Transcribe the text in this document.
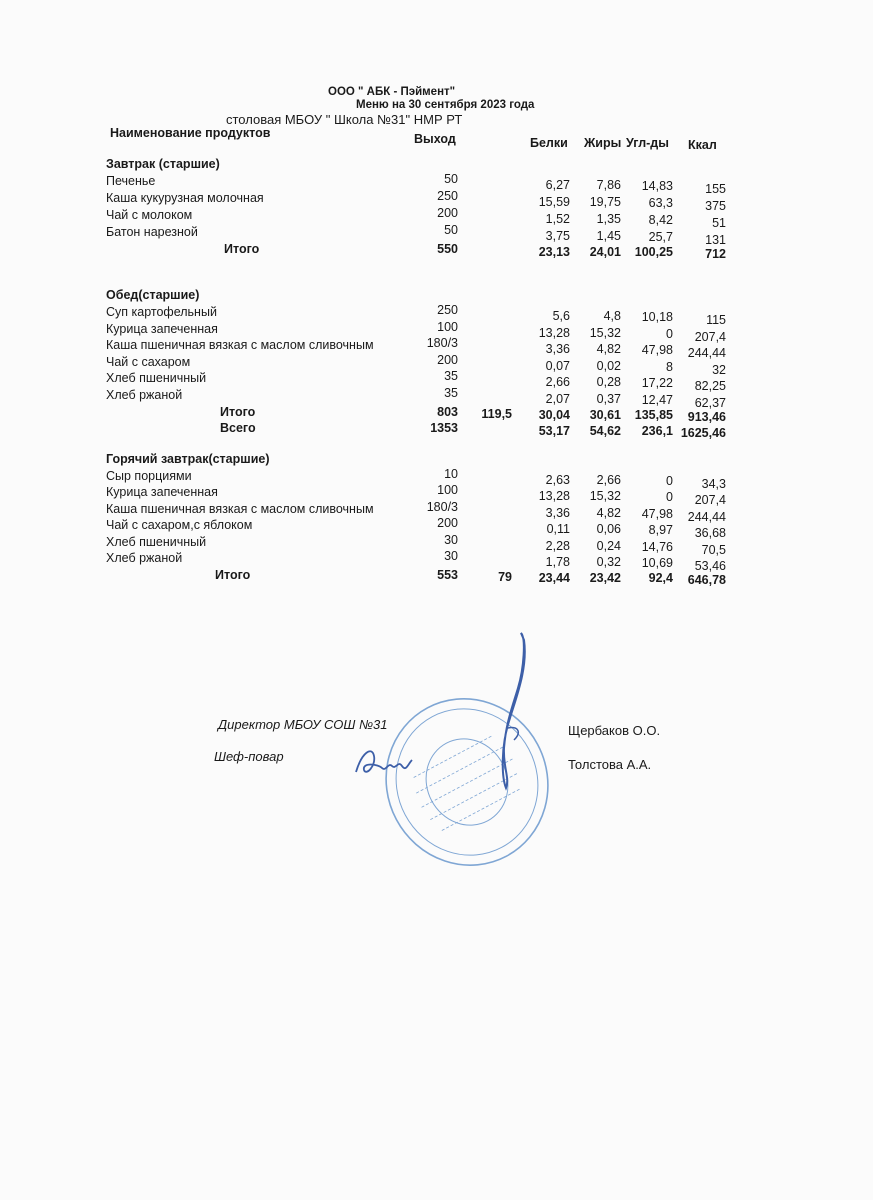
ООО " АБК - Пэймент"
Меню на 30 сентября 2023 года
столовая МБОУ " Школа №31" НМР РТ
Наименование продуктов	Выход	Белки Жиры Угл-ды Ккал
Завтрак (старшие)
Печенье	50	6,27	7,86	14,83	155
Каша кукурузная молочная	250	15,59	19,75	63,3	375
Чай с молоком	200	1,52	1,35	8,42	51
Батон нарезной	50	3,75	1,45	25,7	131
Итого	550	23,13	24,01	100,25	712
Обед(старшие)
Суп картофельный	250	5,6	4,8	10,18	115
Курица запеченная	100	13,28	15,32	0	207,4
Каша пшеничная вязкая с маслом сливочным	180/3	3,36	4,82	47,98	244,44
Чай с сахаром	200	0,07	0,02	8	32
Хлеб пшеничный	35	2,66	0,28	17,22	82,25
Хлеб ржаной	35	2,07	0,37	12,47	62,37
Итого	803	119,5	30,04	30,61	135,85	913,46
Всего	1353	53,17	54,62	236,1 1625,46
Горячий завтрак(старшие)
Сыр порциями	10	2,63	2,66	0	34,3
Курица запеченная	100	13,28	15,32	0	207,4
Каша пшеничная вязкая с маслом сливочным	180/3	3,36	4,82	47,98	244,44
Чай с сахаром,с яблоком	200	0,11	0,06	8,97	36,68
Хлеб пшеничный	30	2,28	0,24	14,76	70,5
Хлеб ржаной	30	1,78	0,32	10,69	53,46
Итого	553	79	23,44	23,42	92,4	646,78
Директор МБОУ СОШ №31	Щербаков О.О.
Шеф-повар
Толстова А.А.
